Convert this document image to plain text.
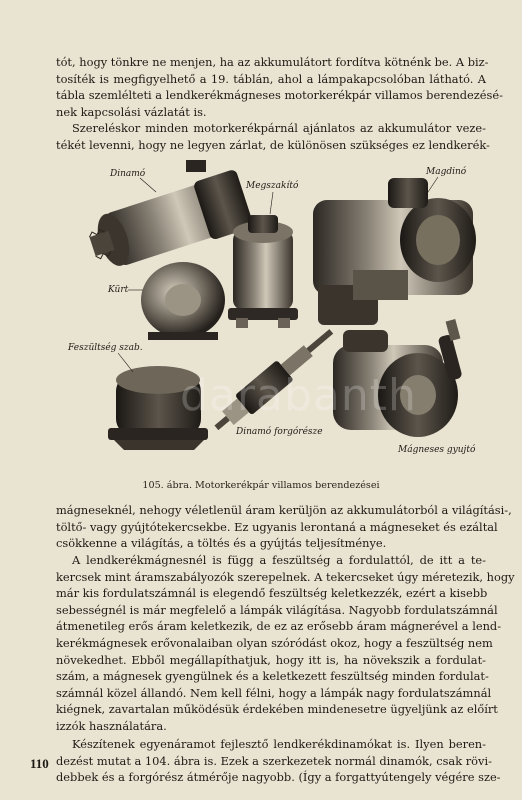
tót, hogy tönkre ne menjen, ha az akkumulátort fordítva kötnénk be. A biz-
tosíték is megfigyelhető a 19. táblán, ahol a lámpakapcsolóban látható. A
tábla szemlélteti a lendkerékmágneses motorkerékpár villamos berendezésé-
nek kapcsolási vázlatát is.

Szereléskor minden motorkerékpárnál ajánlatos az akkumulátor veze-
tékét levenni, hogy ne legyen zárlat, de különösen szükséges ez lendkerék-

Dinamó
Megszakító
Magdinó
Kürt
Feszültség szab.
Dinamó forgórésze
Mágneses gyujtó
darabanth
105. ábra. Motorkerékpár villamos berendezései

mágneseknél, nehogy véletlenül áram kerüljön az akkumulátorból a világítási-,
töltő- vagy gyújtótekercsekbe. Ez ugyanis lerontaná a mágneseket és ezáltal
csökkenne a világítás, a töltés és a gyújtás teljesítménye.

A lendkerékmágnesnél is függ a feszültség a fordulattól, de itt a te-
kercsek mint áramszabályozók szerepelnek. A tekercseket úgy méretezik, hogy
már kis fordulatszámnál is elegendő feszültség keletkezzék, ezért a kisebb
sebességnél is már megfelelő a lámpák világítása. Nagyobb fordulatszámnál
átmenetileg erős áram keletkezik, de ez az erősebb áram mágnerével a lend-
kerékmágnesek erővonalaiban olyan szóródást okoz, hogy a feszültség nem
növekedhet. Ebből megállapíthatjuk, hogy itt is, ha növekszik a fordulat-
szám, a mágnesek gyengülnek és a keletkezett feszültség minden fordulat-
számnál közel állandó. Nem kell félni, hogy a lámpák nagy fordulatszámnál
kiégnek, zavartalan működésük érdekében mindenesetre ügyeljünk az előírt
izzók használatára.

Készítenek egyenáramot fejlesztő lendkerékdinamókat is. Ilyen beren-
dezést mutat a 104. ábra is. Ezek a szerkezetek normál dinamók, csak rövi-
debbek és a forgórész átmérője nagyobb. (Így a forgattyútengely végére sze-

110
